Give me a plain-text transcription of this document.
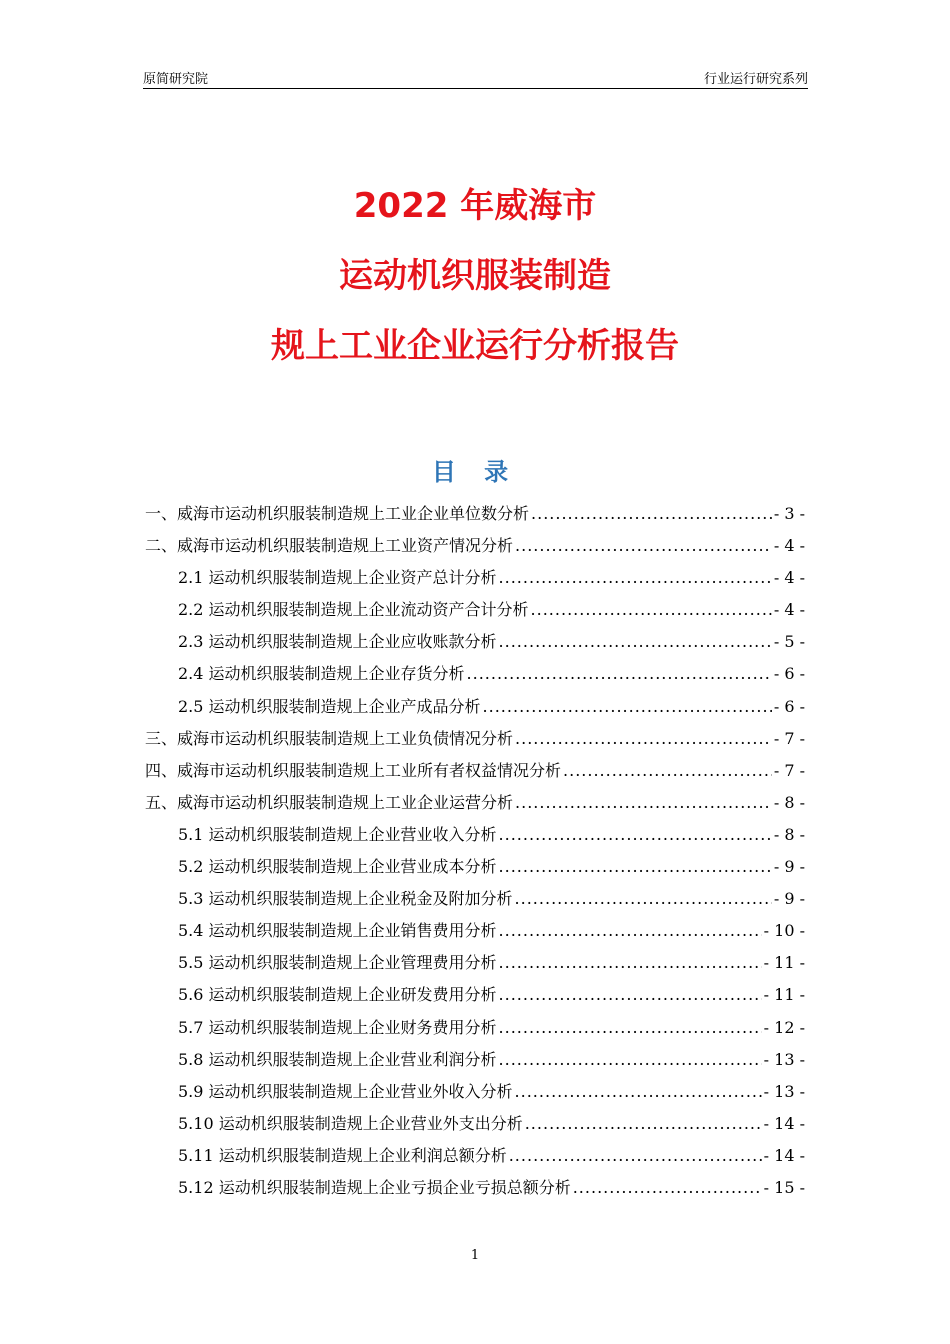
原简研究院	行业运行研究系列
2022 年威海市
运动机织服装制造
规上工业企业运行分析报告
目 录
一、威海市运动机织服装制造规上工业企业单位数分析 .....	- 3 -
二、威海市运动机织服装制造规上工业资产情况分析 .....	- 4 -
2.1 运动机织服装制造规上企业资产总计分析 .....	- 4 -
2.2 运动机织服装制造规上企业流动资产合计分析 .....	- 4 -
2.3 运动机织服装制造规上企业应收账款分析 .....	- 5 -
2.4 运动机织服装制造规上企业存货分析 .....	- 6 -
2.5 运动机织服装制造规上企业产成品分析 .....	- 6 -
三、威海市运动机织服装制造规上工业负债情况分析 .....	- 7 -
四、威海市运动机织服装制造规上工业所有者权益情况分析 .....	- 7 -
五、威海市运动机织服装制造规上工业企业运营分析 .....	- 8 -
5.1 运动机织服装制造规上企业营业收入分析 .....	- 8 -
5.2 运动机织服装制造规上企业营业成本分析 .....	- 9 -
5.3 运动机织服装制造规上企业税金及附加分析 .....	- 9 -
5.4 运动机织服装制造规上企业销售费用分析 .....	- 10 -
5.5 运动机织服装制造规上企业管理费用分析 .....	- 11 -
5.6 运动机织服装制造规上企业研发费用分析 .....	- 11 -
5.7 运动机织服装制造规上企业财务费用分析 .....	- 12 -
5.8 运动机织服装制造规上企业营业利润分析 .....	- 13 -
5.9 运动机织服装制造规上企业营业外收入分析 .....	- 13 -
5.10 运动机织服装制造规上企业营业外支出分析 .....	- 14 -
5.11 运动机织服装制造规上企业利润总额分析 .....	- 14 -
5.12 运动机织服装制造规上企业亏损企业亏损总额分析 .....	- 15 -
1
